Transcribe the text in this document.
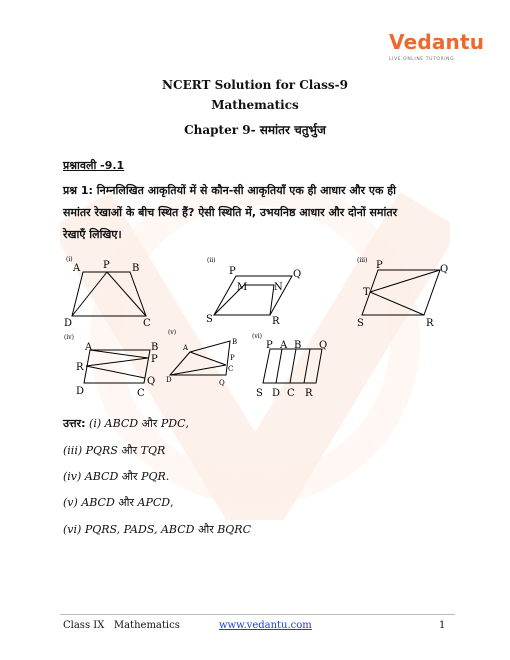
Vedantu
LIVE ONLINE TUTORING
NCERT Solution for Class-9
Mathematics
Chapter 9- समांतर चतुर्भुज
प्रश्नावली -9.1
प्रश्न 1: निम्नलिखित आकृतियों में से कौन-सी आकृतियाँ एक ही आधार और एक ही
समांतर रेखाओं के बीच स्थित हैं? ऐसी स्थिति में, उभयनिष्ठ आधार और दोनों समांतर
रेखाएँ लिखिए।
(i)
A P B
D	C
(ii)
P	Q
M	N
S	R
(iii) P	Q
T
S	R
(iv)
A	B
P
R
Q
D	C
(v)
A
B
P
C
D	Q
(vi)
P A B Q
S D C R
उत्तर: (i) ABCD और PDC,
(iii) PQRS और TQR
(iv) ABCD और PQR.
(v) ABCD और APCD,
(vi) PQRS, PADS, ABCD और BQRC
Class IX   Mathematics	www.vedantu.com	1
